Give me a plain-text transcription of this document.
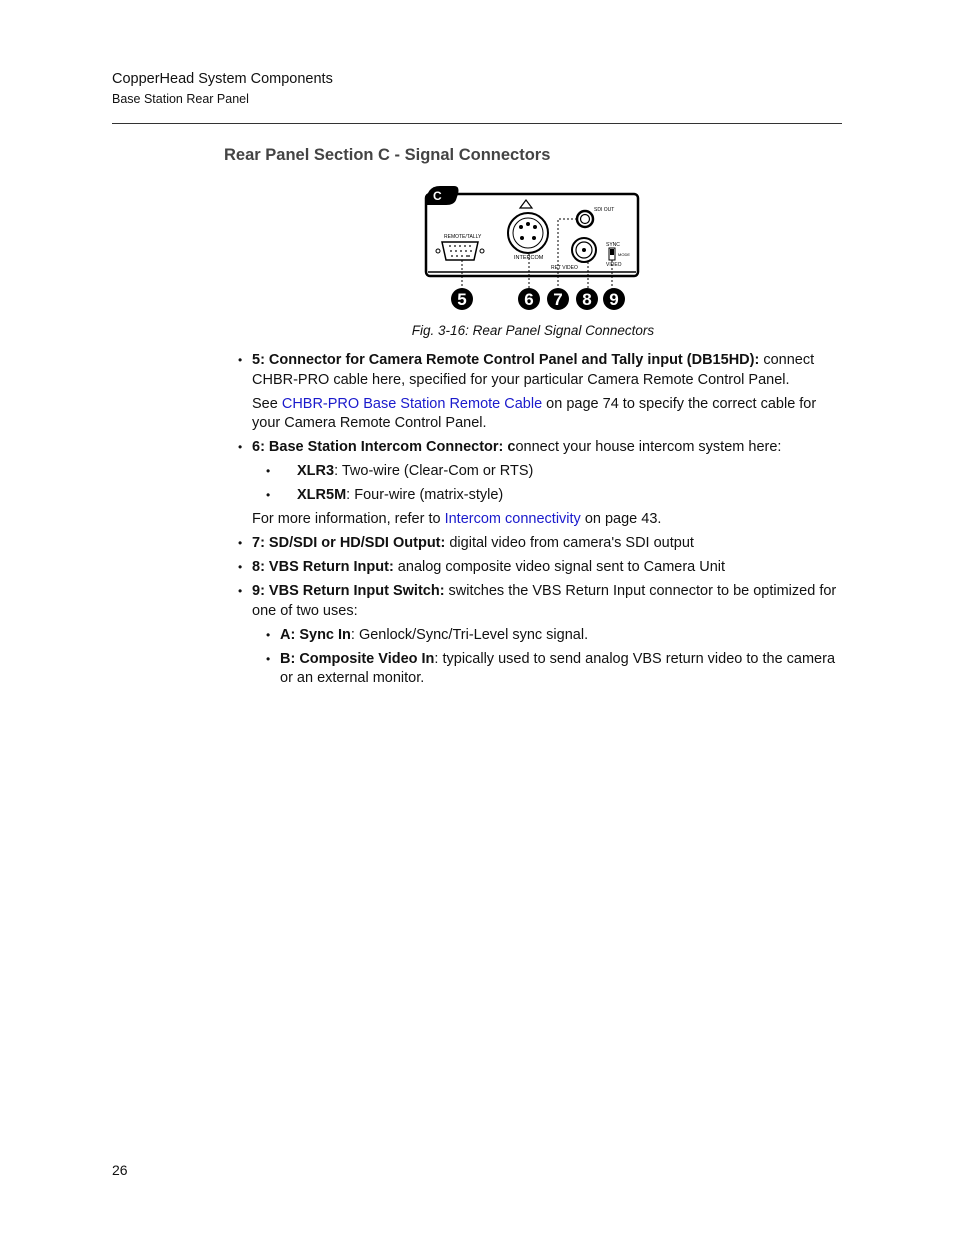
CopperHead System Components
Base Station Rear Panel
Rear Panel Section C - Signal Connectors
C
REMOTE/TALLY
INTERCOM
SDI OUT
RET VIDEO
SYNC
MODE
VIDEO
5	6 7 8 9
Fig. 3-16: Rear Panel Signal Connectors
• 5: Connector for Camera Remote Control Panel and Tally input (DB15HD): connect CHBR-PRO cable here, specified for your particular Camera Remote Control Panel.
See CHBR-PRO Base Station Remote Cable on page 74 to specify the correct cable for your Camera Remote Control Panel.
• 6: Base Station Intercom Connector: connect your house intercom system here:
• XLR3: Two-wire (Clear-Com or RTS)
• XLR5M: Four-wire (matrix-style)
For more information, refer to Intercom connectivity on page 43.
• 7: SD/SDI or HD/SDI Output: digital video from camera's SDI output
• 8: VBS Return Input: analog composite video signal sent to Camera Unit
• 9: VBS Return Input Switch: switches the VBS Return Input connector to be optimized for one of two uses:
• A: Sync In: Genlock/Sync/Tri-Level sync signal.
• B: Composite Video In: typically used to send analog VBS return video to the camera or an external monitor.
26
